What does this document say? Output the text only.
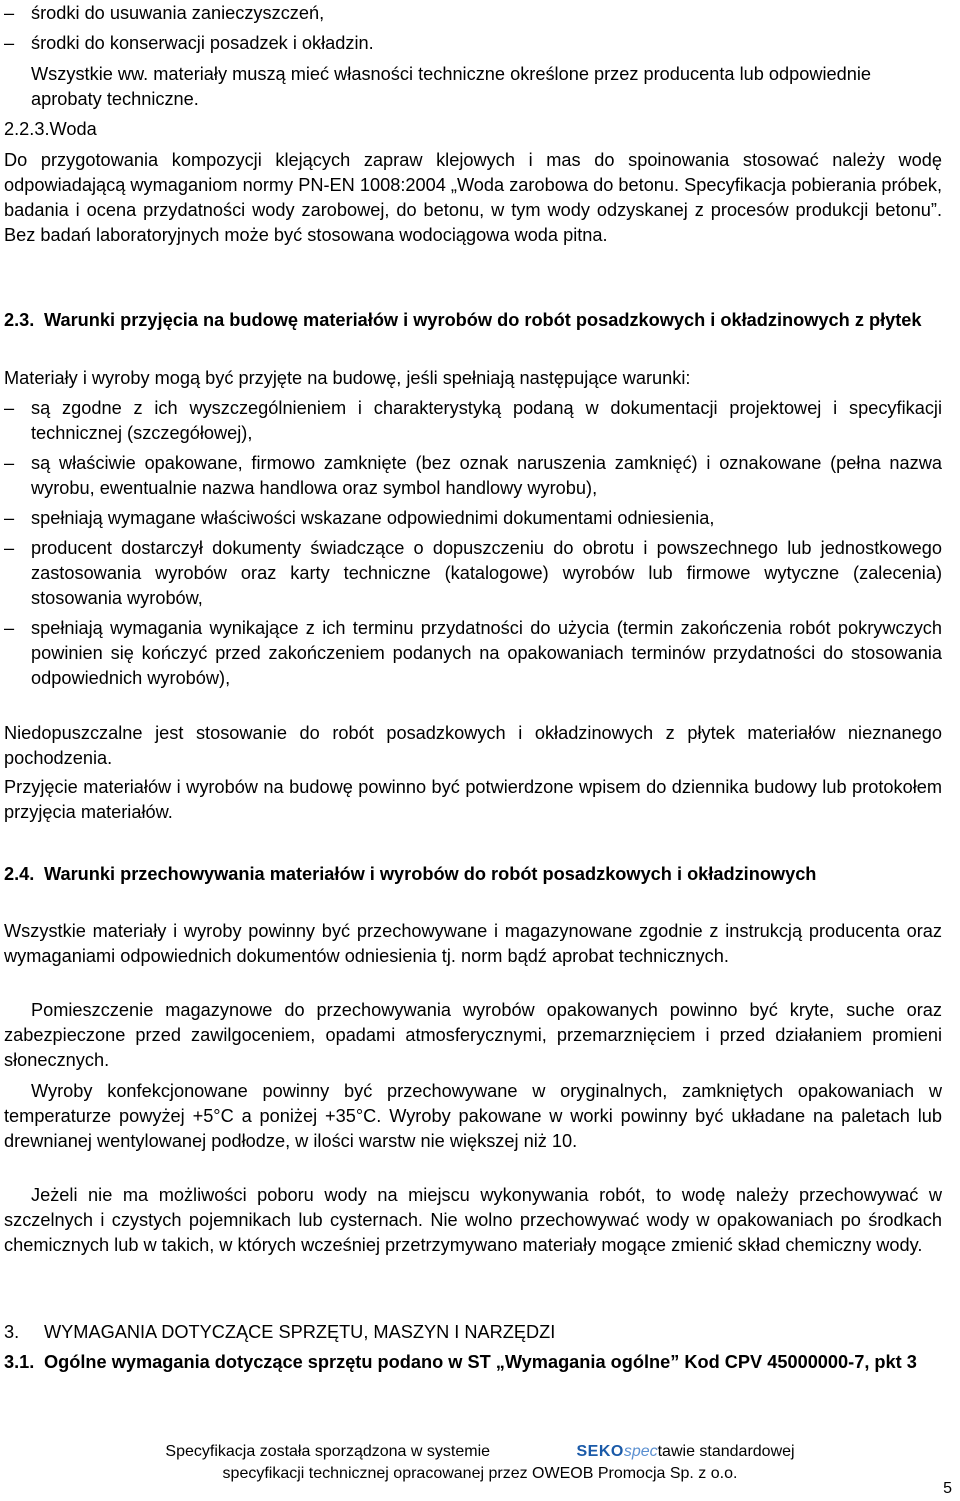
– środki do usuwania zanieczyszczeń,
– środki do konserwacji posadzek i okładzin.

Wszystkie ww. materiały muszą mieć własności techniczne określone przez producenta lub odpowiednie aprobaty techniczne.

2.2.3.Woda

Do przygotowania kompozycji klejących zapraw klejowych i mas do spoinowania stosować należy wodę odpowiadającą wymaganiom normy PN-EN 1008:2004 „Woda zarobowa do betonu. Specyfikacja pobierania próbek, badania i ocena przydatności wody zarobowej, do betonu, w tym wody odzyskanej z procesów produkcji betonu”. Bez badań laboratoryjnych może być stosowana wodociągowa woda pitna.

2.3. Warunki przyjęcia na budowę materiałów i wyrobów do robót posadzkowych i okładzinowych z płytek

Materiały i wyroby mogą być przyjęte na budowę, jeśli spełniają następujące warunki:

– są zgodne z ich wyszczególnieniem i charakterystyką podaną w dokumentacji projektowej i specyfikacji technicznej (szczegółowej),

– są właściwie opakowane, firmowo zamknięte (bez oznak naruszenia zamknięć) i oznakowane (pełna nazwa wyrobu, ewentualnie nazwa handlowa oraz symbol handlowy wyrobu),

– spełniają wymagane właściwości wskazane odpowiednimi dokumentami odniesienia,

– producent dostarczył dokumenty świadczące o dopuszczeniu do obrotu i powszechnego lub jednostkowego zastosowania wyrobów oraz karty techniczne (katalogowe) wyrobów lub firmowe wytyczne (zalecenia) stosowania wyrobów,

– spełniają wymagania wynikające z ich terminu przydatności do użycia (termin zakończenia robót pokrywczych powinien się kończyć przed zakończeniem podanych na opakowaniach terminów przydatności do stosowania odpowiednich wyrobów),

Niedopuszczalne jest stosowanie do robót posadzkowych i okładzinowych z płytek materiałów nieznanego pochodzenia.

Przyjęcie materiałów i wyrobów na budowę powinno być potwierdzone wpisem do dziennika budowy lub protokołem przyjęcia materiałów.

2.4. Warunki przechowywania materiałów i wyrobów do robót posadzkowych i okładzinowych

Wszystkie materiały i wyroby powinny być przechowywane i magazynowane zgodnie z instrukcją producenta oraz wymaganiami odpowiednich dokumentów odniesienia tj. norm bądź aprobat technicznych.

Pomieszczenie magazynowe do przechowywania wyrobów opakowanych powinno być kryte, suche oraz zabezpieczone przed zawilgoceniem, opadami atmosferycznymi, przemarznięciem i przed działaniem promieni słonecznych.

Wyroby konfekcjonowane powinny być przechowywane w oryginalnych, zamkniętych opakowaniach w temperaturze powyżej +5°C a poniżej +35°C. Wyroby pakowane w worki powinny być układane na paletach lub drewnianej wentylowanej podłodze, w ilości warstw nie większej niż 10.

Jeżeli nie ma możliwości poboru wody na miejscu wykonywania robót, to wodę należy przechowywać w szczelnych i czystych pojemnikach lub cysternach. Nie wolno przechowywać wody w opakowaniach po środkach chemicznych lub w takich, w których wcześniej przetrzymywano materiały mogące zmienić skład chemiczny wody.

3.	WYMAGANIA DOTYCZĄCE SPRZĘTU, MASZYN I NARZĘDZI
3.1. Ogólne wymagania dotyczące sprzętu podano w ST „Wymagania ogólne” Kod CPV 45000000-7, pkt 3
Specyfikacja została sporządzona w systemie	SEKOspectawie standardowej
specyfikacji technicznej opracowanej przez OWEOB Promocja Sp. z o.o.
5
